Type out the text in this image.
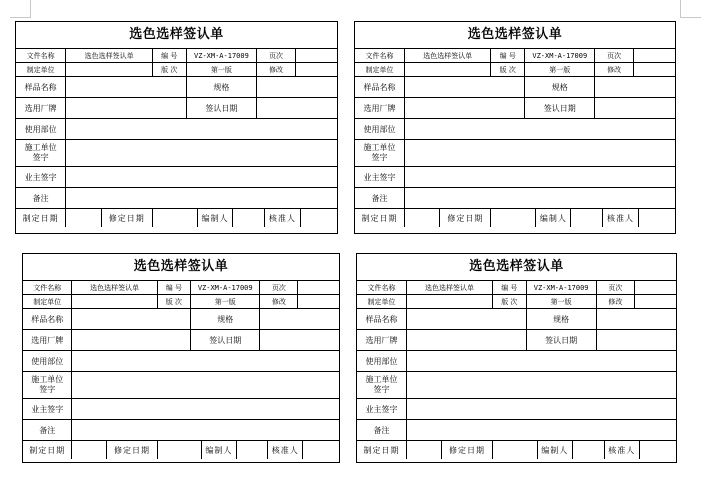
选色选样签认单
文件名称	选色选样签认单	编 号	VZ-XM-A-17009	页次	
制定单位		版 次	第一版	修改	
样品名称			规格		
选用厂牌			签认日期		
使用部位					
施工单位
签字					
业主签字					
备注					
制定日期		修定日期		编制人		核准人	
选色选样签认单
文件名称	选色选样签认单	编 号	VZ-XM-A-17009	页次	
制定单位		版 次	第一版	修改	
样品名称			规格		
选用厂牌			签认日期		
使用部位					
施工单位
签字					
业主签字					
备注					
制定日期		修定日期		编制人		核准人	
选色选样签认单
文件名称	选色选样签认单	编 号	VZ-XM-A-17009	页次	
制定单位		版 次	第一版	修改	
样品名称			规格		
选用厂牌			签认日期		
使用部位					
施工单位
签字					
业主签字					
备注					
制定日期		修定日期		编制人		核准人	
选色选样签认单
文件名称	选色选样签认单	编 号	VZ-XM-A-17009	页次	
制定单位		版 次	第一版	修改	
样品名称			规格		
选用厂牌			签认日期		
使用部位					
施工单位
签字					
业主签字					
备注					
制定日期		修定日期		编制人		核准人	
